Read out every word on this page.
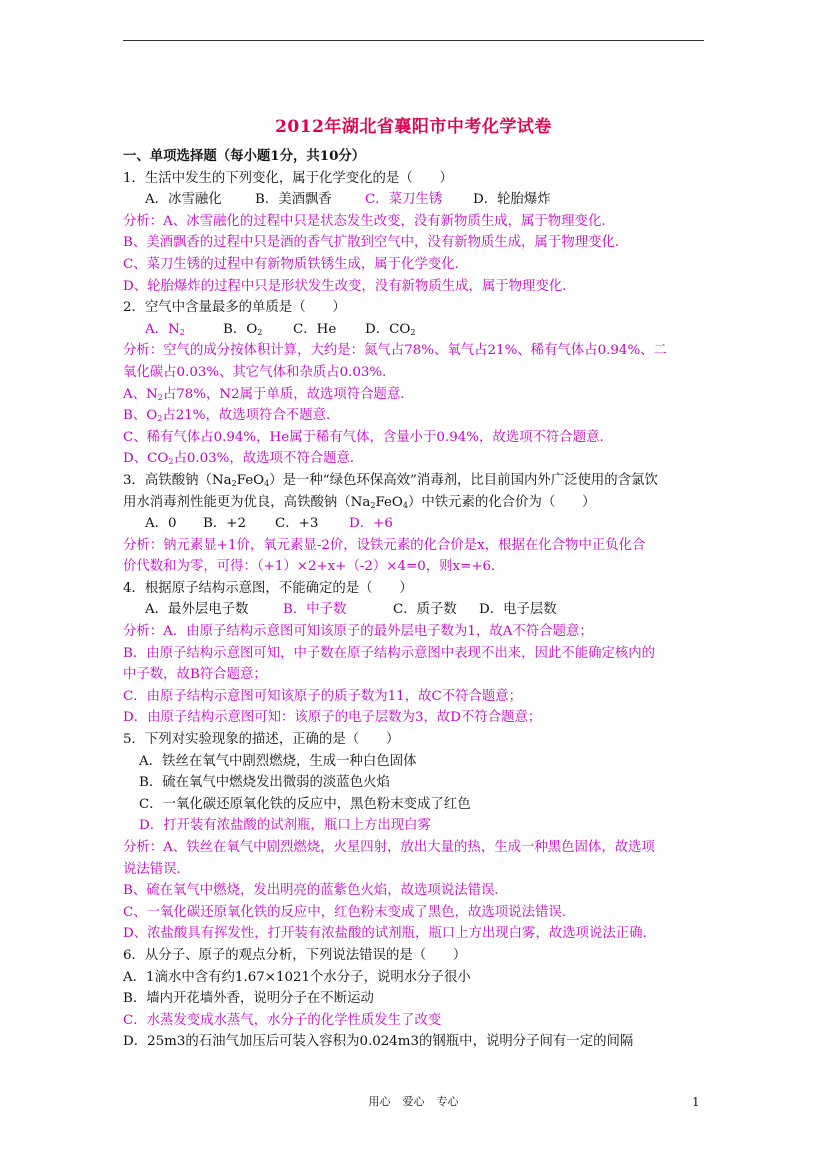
2012年湖北省襄阳市中考化学试卷
一、单项选择题（每小题1分，共10分）
1．生活中发生的下列变化，属于化学变化的是（　　）
A．冰雪融化 B．美酒飘香 C．菜刀生锈 D．轮胎爆炸
分析：A、冰雪融化的过程中只是状态发生改变，没有新物质生成，属于物理变化．
B、美酒飘香的过程中只是酒的香气扩散到空气中，没有新物质生成，属于物理变化．
C、菜刀生锈的过程中有新物质铁锈生成，属于化学变化．
D、轮胎爆炸的过程中只是形状发生改变，没有新物质生成，属于物理变化．
2．空气中含量最多的单质是（　　）
A．$N_2$	B．$O_2$ C．He D．$CO_2$
分析：空气的成分按体积计算，大约是：氮气占78%、氧气占21%、稀有气体占0.94%、二
氧化碳占0.03%、其它气体和杂质占0.03%．
A、$N_2$占78%，N2属于单质，故选项符合题意．
B、$O_2$占21%，故选项符合不题意．
C、稀有气体占0.94%，He属于稀有气体，含量小于0.94%，故选项不符合题意．
D、$CO_2$占0.03%，故选项不符合题意．
3．高铁酸钠$(Na_2FeO_4)$是一种“绿色环保高效”消毒剂，比目前国内外广泛使用的含氯饮
用水消毒剂性能更为优良，高铁酸钠$(Na_2FeO_4)$中铁元素的化合价为（　　）
A．0 B．+2 C．+3 D．+6
分析：钠元素显+1价，氧元素显-2价，设铁元素的化合价是x，根据在化合物中正负化合
价代数和为零，可得：（+1）×2+x+（-2）×4=0，则x=+6．
4．根据原子结构示意图，不能确定的是（　　）
A．最外层电子数	B．中子数	C．质子数 D．电子层数
分析：A．由原子结构示意图可知该原子的最外层电子数为1，故A不符合题意；
B．由原子结构示意图可知，中子数在原子结构示意图中表现不出来，因此不能确定核内的
中子数，故B符合题意；
C．由原子结构示意图可知该原子的质子数为11，故C不符合题意；
D．由原子结构示意图可知：该原子的电子层数为3，故D不符合题意；
5．下列对实验现象的描述，正确的是（　　）
A．铁丝在氧气中剧烈燃烧，生成一种白色固体
B．硫在氧气中燃烧发出微弱的淡蓝色火焰
C．一氧化碳还原氧化铁的反应中，黑色粉末变成了红色
D．打开装有浓盐酸的试剂瓶，瓶口上方出现白雾
分析：A、铁丝在氧气中剧烈燃烧，火星四射，放出大量的热，生成一种黑色固体，故选项
说法错误．
B、硫在氧气中燃烧，发出明亮的蓝紫色火焰，故选项说法错误．
C、一氧化碳还原氧化铁的反应中，红色粉末变成了黑色，故选项说法错误．
D、浓盐酸具有挥发性，打开装有浓盐酸的试剂瓶，瓶口上方出现白雾，故选项说法正确．
6．从分子、原子的观点分析，下列说法错误的是（　　）
A．1滴水中含有约1.67×1021个水分子，说明水分子很小
B．墙内开花墙外香，说明分子在不断运动
C．水蒸发变成水蒸气，水分子的化学性质发生了改变
D．25m3的石油气加压后可装入容积为0.024m3的钢瓶中，说明分子间有一定的间隔
用心 爱心 专心	1
